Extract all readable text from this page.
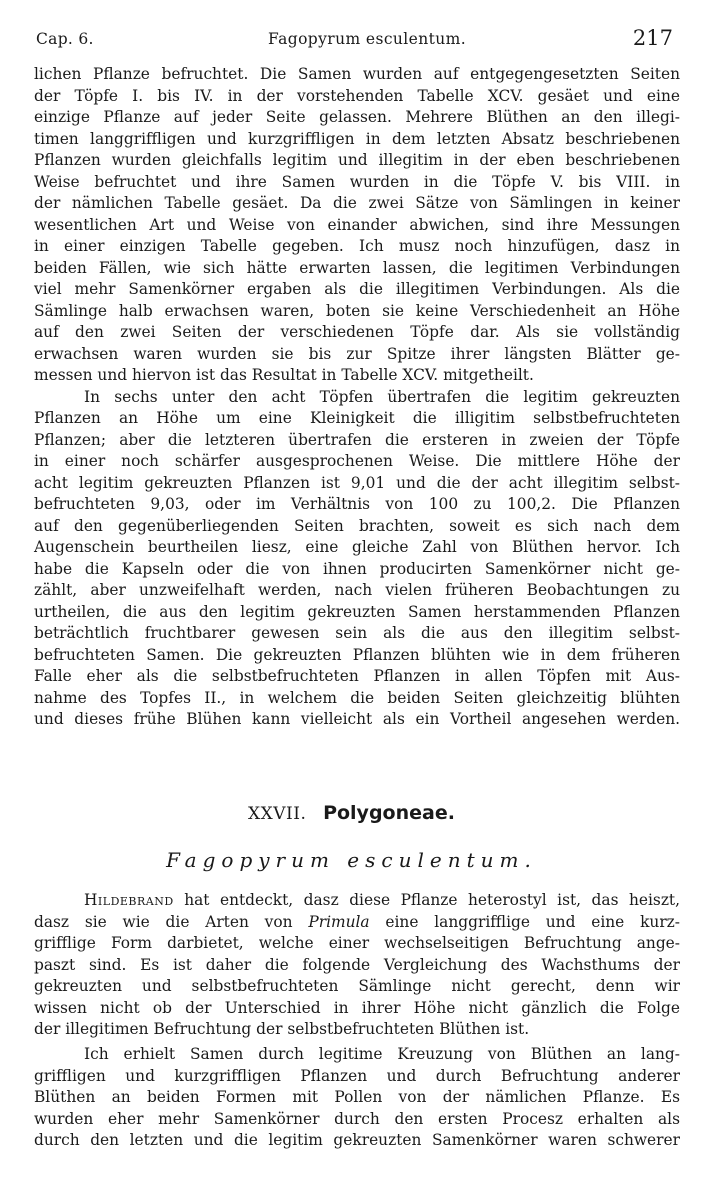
Cap. 6.	Fagopyrum esculentum.	217

lichen Pflanze befruchtet. Die Samen wurden auf entgegengesetzten Seiten

der Töpfe I. bis IV. in der vorstehenden Tabelle XCV. gesäet und eine

einzige Pflanze auf jeder Seite gelassen. Mehrere Blüthen an den illegi-

timen langgriffligen und kurzgriffligen in dem letzten Absatz beschriebenen

Pflanzen wurden gleichfalls legitim und illegitim in der eben beschriebenen

Weise befruchtet und ihre Samen wurden in die Töpfe V. bis VIII. in

der nämlichen Tabelle gesäet. Da die zwei Sätze von Sämlingen in keiner

wesentlichen Art und Weise von einander abwichen, sind ihre Messungen

in einer einzigen Tabelle gegeben. Ich musz noch hinzufügen, dasz in

beiden Fällen, wie sich hätte erwarten lassen, die legitimen Verbindungen

viel mehr Samenkörner ergaben als die illegitimen Verbindungen. Als die

Sämlinge halb erwachsen waren, boten sie keine Verschiedenheit an Höhe

auf den zwei Seiten der verschiedenen Töpfe dar. Als sie vollständig

erwachsen waren wurden sie bis zur Spitze ihrer längsten Blätter ge-

messen und hiervon ist das Resultat in Tabelle XCV. mitgetheilt.

In sechs unter den acht Töpfen übertrafen die legitim gekreuzten

Pflanzen an Höhe um eine Kleinigkeit die illigitim selbstbefruchteten

Pflanzen; aber die letzteren übertrafen die ersteren in zweien der Töpfe

in einer noch schärfer ausgesprochenen Weise. Die mittlere Höhe der

acht legitim gekreuzten Pflanzen ist 9,01 und die der acht illegitim selbst-

befruchteten 9,03, oder im Verhältnis von 100 zu 100,2. Die Pflanzen

auf den gegenüberliegenden Seiten brachten, soweit es sich nach dem

Augenschein beurtheilen liesz, eine gleiche Zahl von Blüthen hervor. Ich

habe die Kapseln oder die von ihnen producirten Samenkörner nicht ge-

zählt, aber unzweifelhaft werden, nach vielen früheren Beobachtungen zu

urtheilen, die aus den legitim gekreuzten Samen herstammenden Pflanzen

beträchtlich fruchtbarer gewesen sein als die aus den illegitim selbst-

befruchteten Samen. Die gekreuzten Pflanzen blühten wie in dem früheren

Falle eher als die selbstbefruchteten Pflanzen in allen Töpfen mit Aus-

nahme des Topfes II., in welchem die beiden Seiten gleichzeitig blühten

und dieses frühe Blühen kann vielleicht als ein Vortheil angesehen werden.

XXVII. Polygoneae.
Fagopyrum esculentum.

Hildebrand hat entdeckt, dasz diese Pflanze heterostyl ist, das heiszt,

dasz sie wie die Arten von Primula eine langgrifflige und eine kurz-

grifflige Form darbietet, welche einer wechselseitigen Befruchtung ange-

paszt sind. Es ist daher die folgende Vergleichung des Wachsthums der

gekreuzten und selbstbefruchteten Sämlinge nicht gerecht, denn wir

wissen nicht ob der Unterschied in ihrer Höhe nicht gänzlich die Folge

der illegitimen Befruchtung der selbstbefruchteten Blüthen ist.

Ich erhielt Samen durch legitime Kreuzung von Blüthen an lang-

griffligen und kurzgriffligen Pflanzen und durch Befruchtung anderer

Blüthen an beiden Formen mit Pollen von der nämlichen Pflanze. Es

wurden eher mehr Samenkörner durch den ersten Procesz erhalten als

durch den letzten und die legitim gekreuzten Samenkörner waren schwerer
